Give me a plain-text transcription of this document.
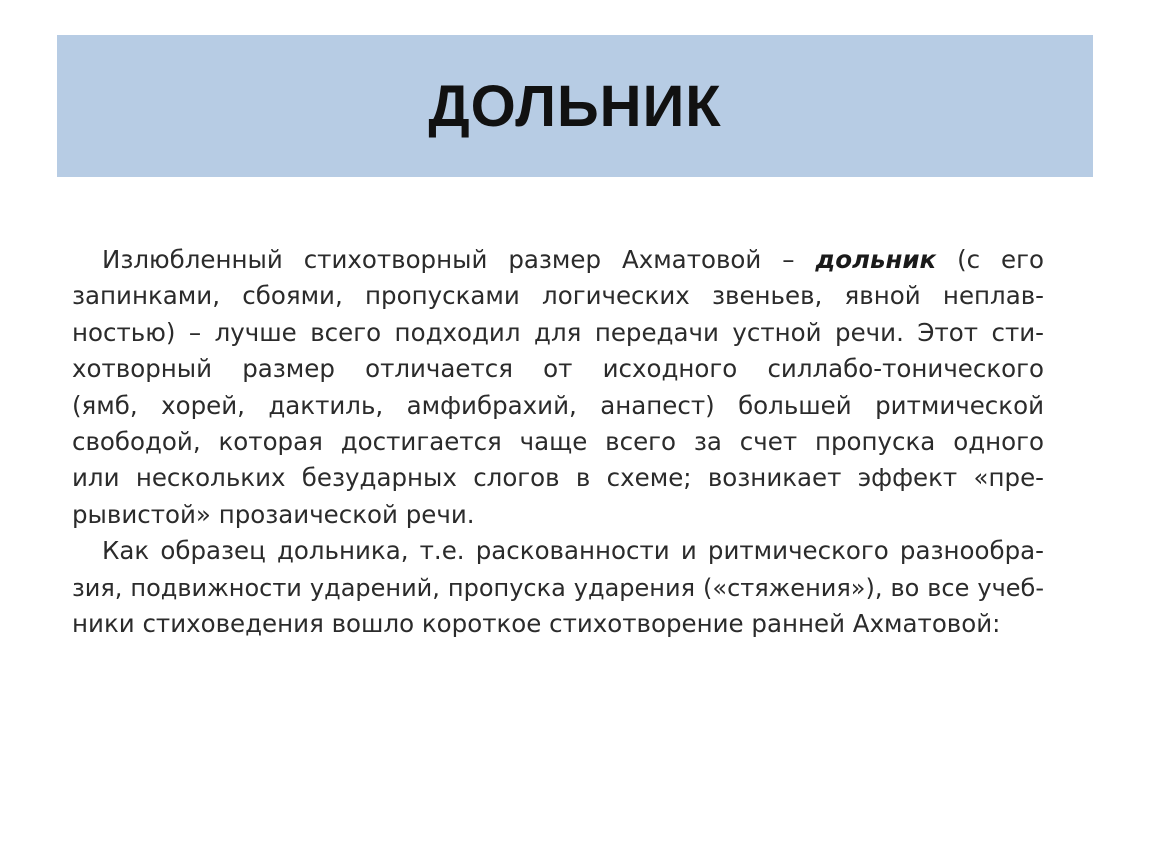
ДОЛЬНИК
Излюбленный стихотворный размер Ахматовой – дольник (с его
запинками, сбоями, пропусками логических звеньев, явной неплав-
ностью) – лучше всего подходил для передачи устной речи. Этот сти-
хотворный размер отличается от исходного силлабо-тонического
(ямб, хорей, дактиль, амфибрахий, анапест) большей ритмической
свободой, которая достигается чаще всего за счет пропуска одного
или нескольких безударных слогов в схеме; возникает эффект «пре-
рывистой» прозаической речи.
Как образец дольника, т.е. раскованности и ритмического разнообра-
зия, подвижности ударений, пропуска ударения («стяжения»), во все учеб-
ники стиховедения вошло короткое стихотворение ранней Ахматовой:
